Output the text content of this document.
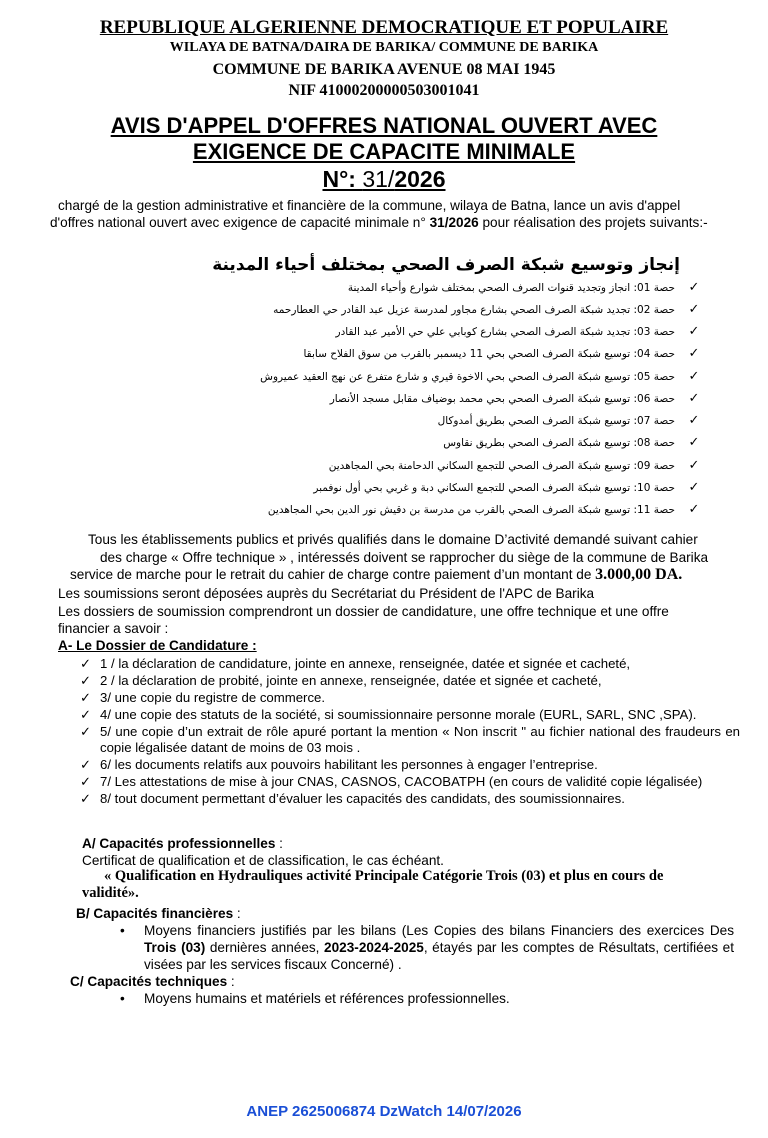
REPUBLIQUE ALGERIENNE DEMOCRATIQUE ET POPULAIRE
WILAYA DE BATNA/DAIRA DE BARIKA/ COMMUNE DE BARIKA
COMMUNE DE BARIKA AVENUE 08 MAI 1945
NIF 41000200000503001041
AVIS D'APPEL D'OFFRES NATIONAL OUVERT AVEC
EXIGENCE DE CAPACITE MINIMALE
N°: 31/2026
chargé de la gestion administrative et financière de la commune, wilaya de Batna, lance un avis d'appel d'offres national ouvert avec exigence de capacité minimale n° 31/2026 pour réalisation des projets suivants:-
إنجاز وتوسيع شبكة الصرف الصحي بمختلف أحياء المدينة
✓
حصة 01: انجاز وتجديد قنوات الصرف الصحي بمختلف شوارع وأحياء المدينة
✓
حصة 02: تجديد شبكة الصرف الصحي بشارع مجاور لمدرسة عزيل عبد القادر حي العطارحمه
✓
حصة 03: تجديد شبكة الصرف الصحي بشارع كوبابي علي حي الأمير عبد القادر
✓
حصة 04: توسيع شبكة الصرف الصحي بحي 11 ديسمبر بالقرب من سوق الفلاح سابقا
✓
حصة 05: توسيع شبكة الصرف الصحي بحي الاخوة قيري و شارع متفرع عن نهج العقيد عميروش
✓
حصة 06: توسيع شبكة الصرف الصحي بحي محمد بوضياف مقابل مسجد الأنصار
✓
حصة 07: توسيع شبكة الصرف الصحي بطريق أمدوكال
✓
حصة 08: توسيع شبكة الصرف الصحي بطريق نقاوس
✓
حصة 09: توسيع شبكة الصرف الصحي للتجمع السكاني الدحامنة بحي المجاهدين
✓
حصة 10: توسيع شبكة الصرف الصحي للتجمع السكاني دبة و غربي بحي أول نوفمبر
✓
حصة 11: توسيع شبكة الصرف الصحي بالقرب من مدرسة بن دقيش نور الدين بحي المجاهدين
Tous les établissements publics et privés qualifiés dans le domaine D’activité demandé suivant cahier
des charge « Offre technique » , intéressés doivent se rapprocher du siège de la commune de Barika
service de marche pour le retrait du cahier de charge contre paiement d’un montant de 3.000,00 DA.
Les soumissions seront déposées auprès du Secrétariat du Président de l'APC de Barika
Les dossiers de soumission comprendront un dossier de candidature, une offre technique et une offre
financier a savoir :
A- Le Dossier de Candidature :
✓ 1 / la déclaration de candidature, jointe en annexe, renseignée, datée et signée et cacheté,
✓ 2 / la déclaration de probité, jointe en annexe, renseignée, datée et signée et cacheté,
✓ 3/ une copie du registre de commerce.
✓ 4/ une copie des statuts de la société, si soumissionnaire personne morale (EURL, SARL, SNC ,SPA).
✓ 5/ une copie d’un extrait de rôle apuré portant la mention « Non inscrit " au fichier national des fraudeurs en copie légalisée datant de moins de 03 mois .
✓ 6/ les documents relatifs aux pouvoirs habilitant les personnes à engager l’entreprise.
✓ 7/ Les attestations de mise à jour CNAS, CASNOS, CACOBATPH (en cours de validité copie légalisée)
✓ 8/ tout document permettant d’évaluer les capacités des candidats, des soumissionnaires.
A/ Capacités professionnelles :
Certificat de qualification et de classification, le cas échéant.
« Qualification en Hydrauliques activité Principale Catégorie Trois (03) et plus en cours de validité».
B/ Capacités financières :
•	Moyens financiers justifiés par les bilans (Les Copies des bilans Financiers des exercices Des Trois (03) dernières années, 2023-2024-2025, étayés par les comptes de Résultats, certifiées et visées par les services fiscaux Concerné) .
C/ Capacités techniques :
•	Moyens humains et matériels et références professionnelles.
ANEP 2625006874 DzWatch 14/07/2026
